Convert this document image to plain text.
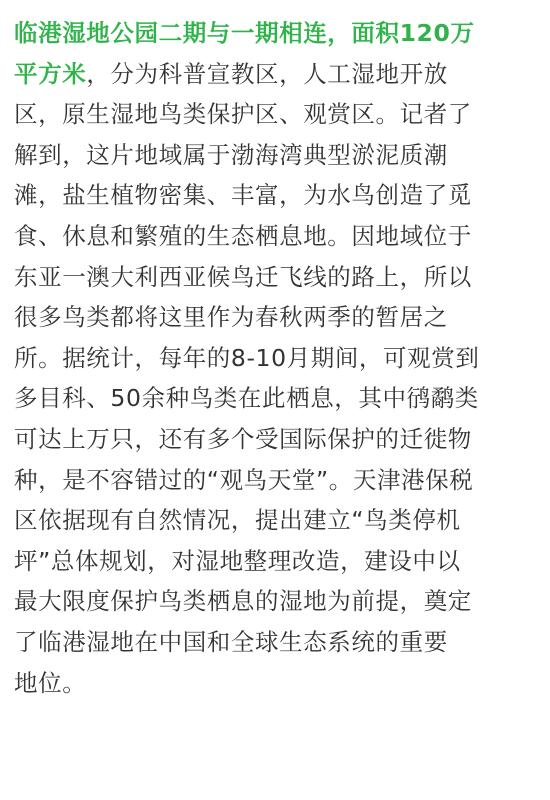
临港湿地公园二期与一期相连，面积120万
平方米，分为科普宣教区，人工湿地开放
区，原生湿地鸟类保护区、观赏区。记者了
解到，这片地域属于渤海湾典型淤泥质潮
滩，盐生植物密集、丰富，为水鸟创造了觅
食、休息和繁殖的生态栖息地。因地域位于
东亚一澳大利西亚候鸟迁飞线的路上，所以
很多鸟类都将这里作为春秋两季的暂居之
所。据统计，每年的8-10月期间，可观赏到
多目科、50余种鸟类在此栖息，其中鸻鹬类
可达上万只，还有多个受国际保护的迁徙物
种，是不容错过的“观鸟天堂”。天津港保税
区依据现有自然情况，提出建立“鸟类停机
坪”总体规划，对湿地整理改造，建设中以
最大限度保护鸟类栖息的湿地为前提，奠定
了临港湿地在中国和全球生态系统的重要
地位。
